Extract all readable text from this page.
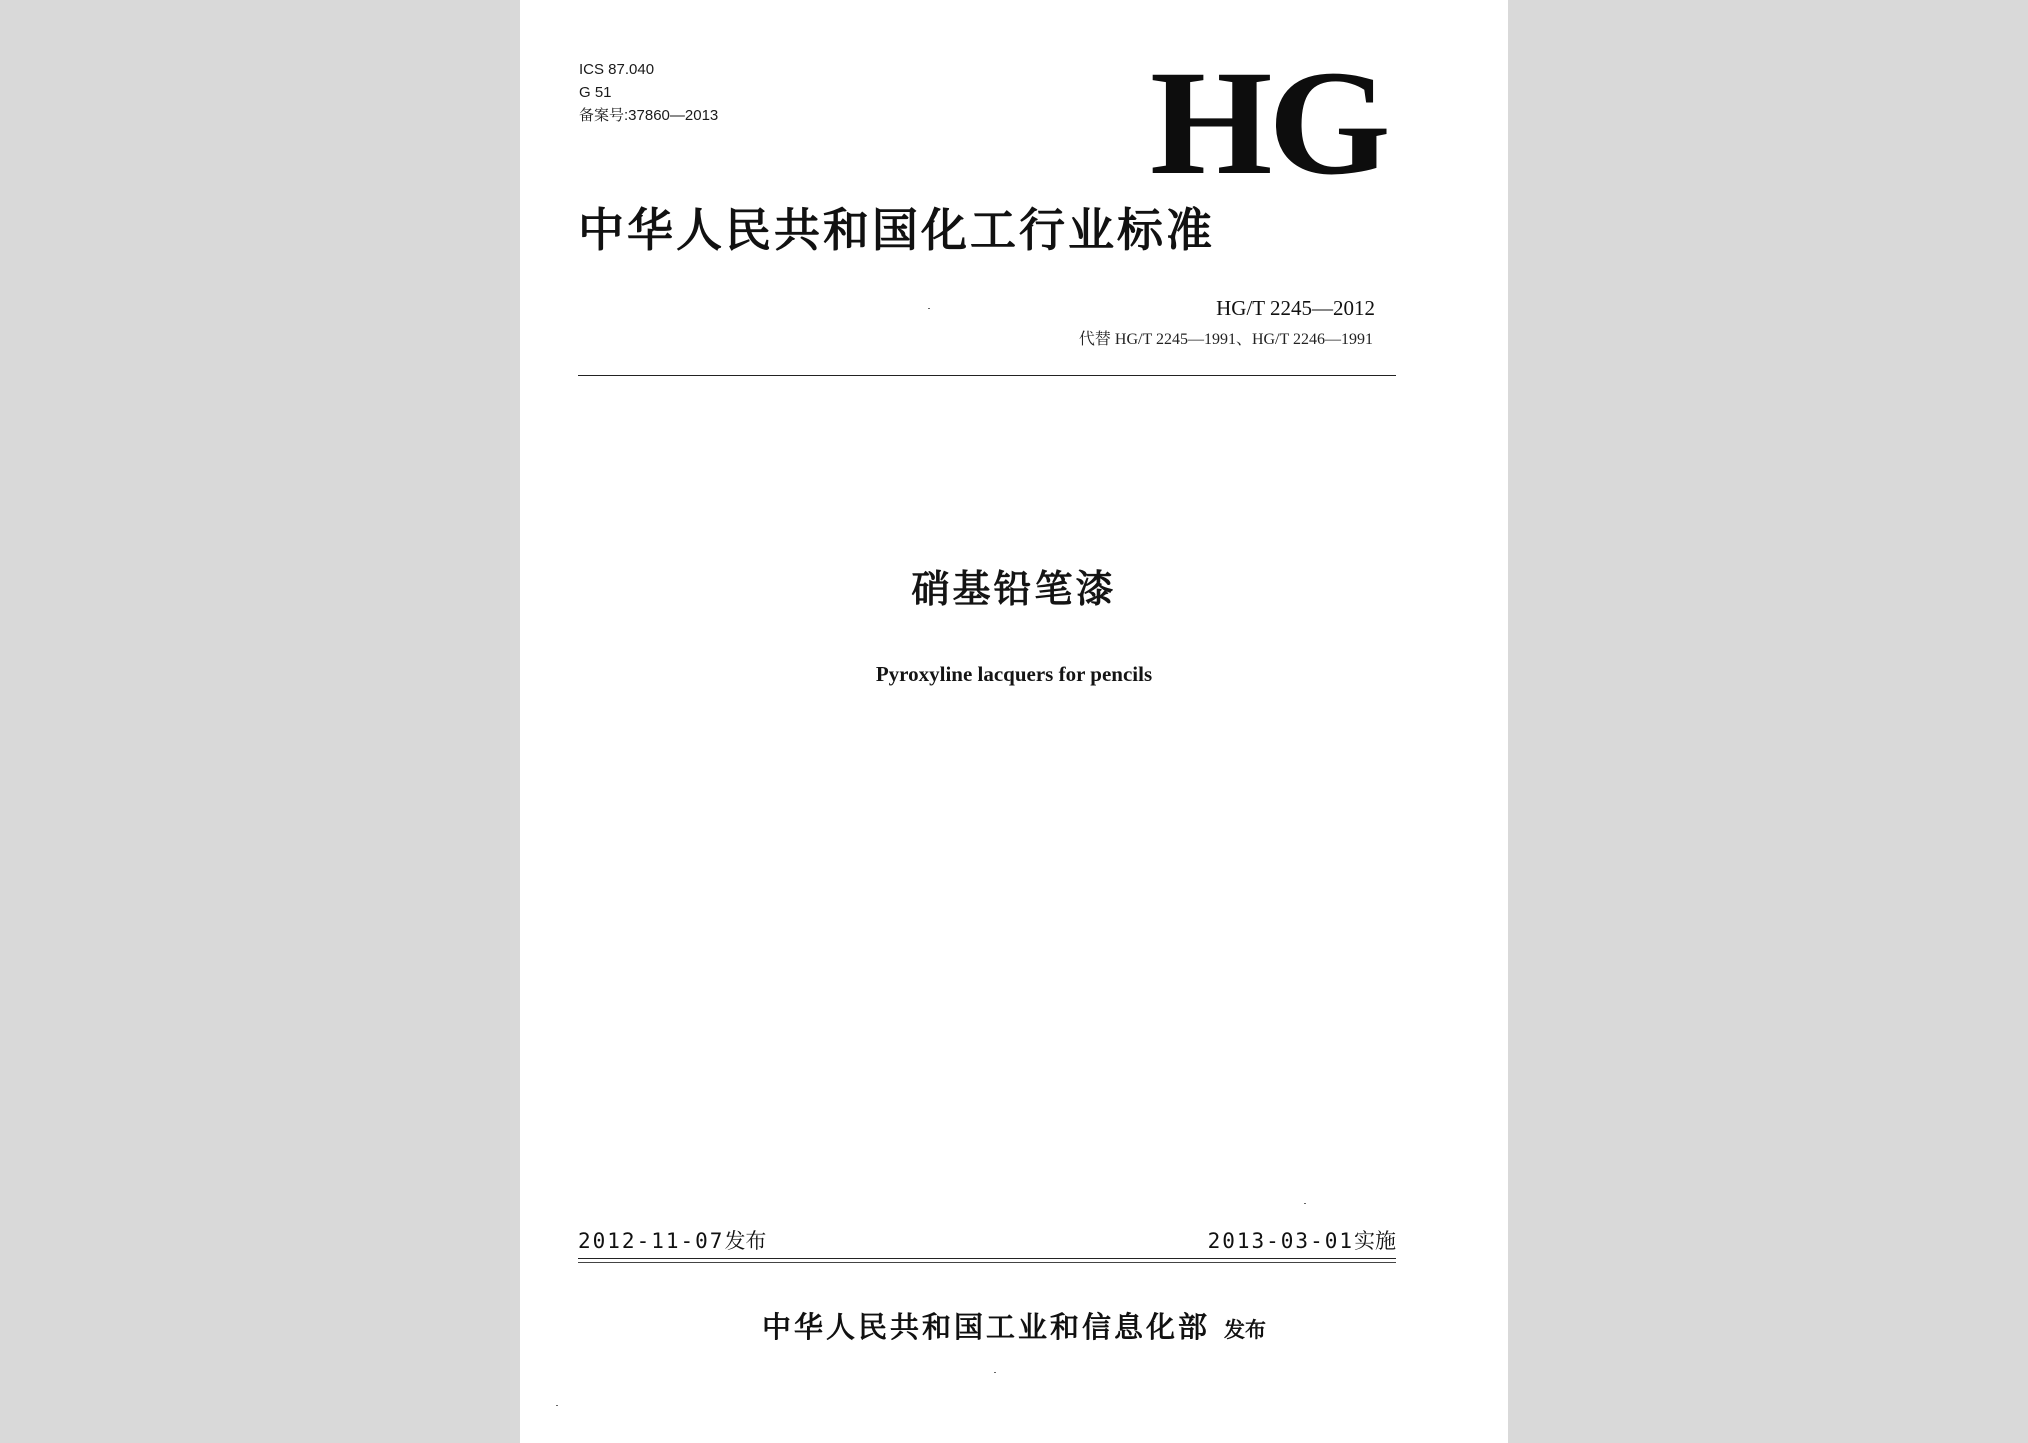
ICS 87.040
G 51
备案号:37860—2013	HG
中华人民共和国化工行业标准
HG/T 2245—2012
代替 HG/T 2245—1991、HG/T 2246—1991
硝基铅笔漆
Pyroxyline lacquers for pencils
2012-11-07发布	2013-03-01实施
中华人民共和国工业和信息化部 发布
